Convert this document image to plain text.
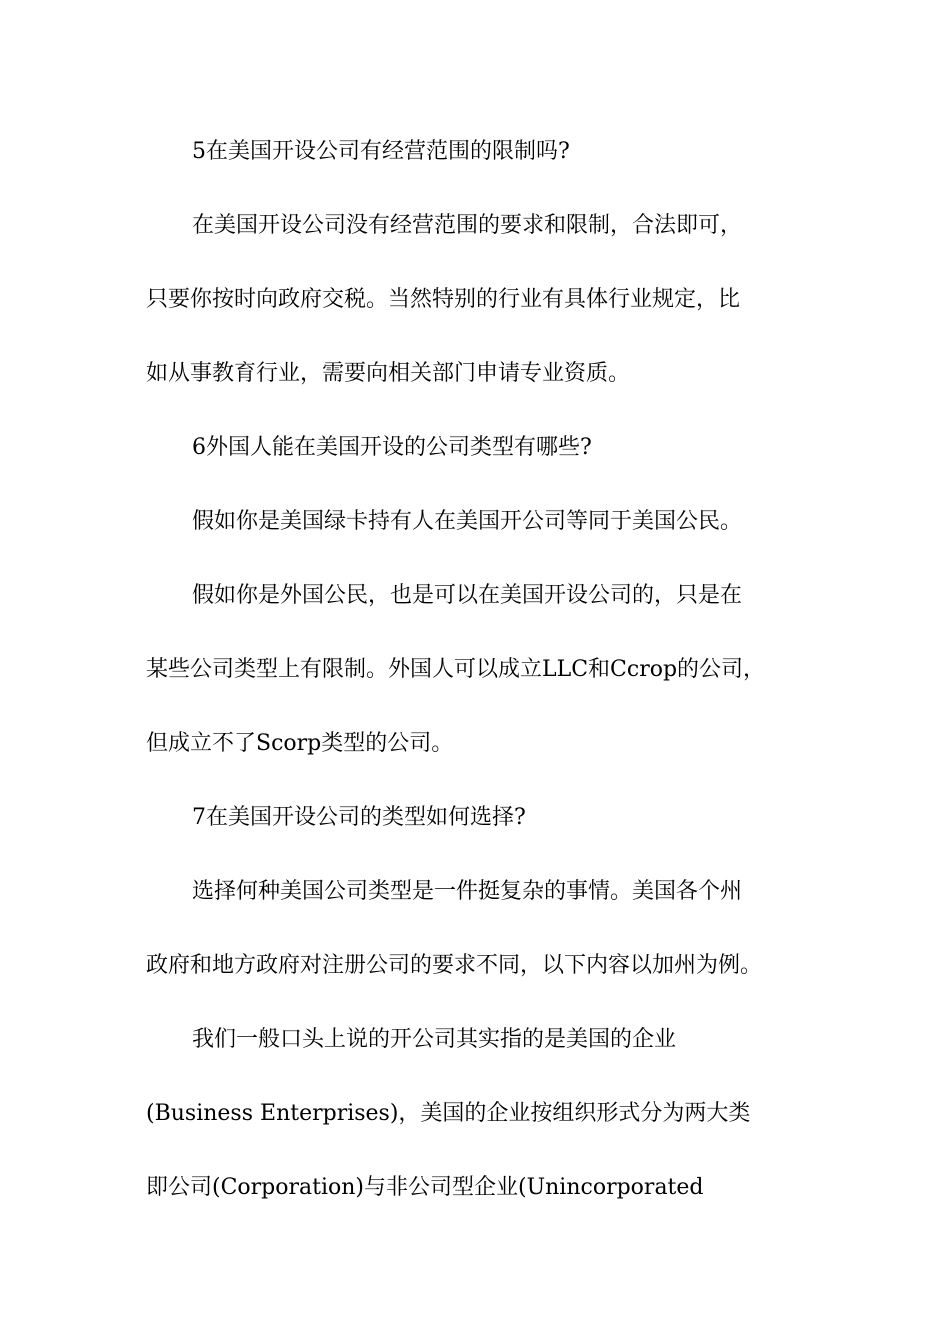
5在美国开设公司有经营范围的限制吗?
在美国开设公司没有经营范围的要求和限制，合法即可，
只要你按时向政府交税。当然特别的行业有具体行业规定，比
如从事教育行业，需要向相关部门申请专业资质。
6外国人能在美国开设的公司类型有哪些?
假如你是美国绿卡持有人在美国开公司等同于美国公民。
假如你是外国公民，也是可以在美国开设公司的，只是在
某些公司类型上有限制。外国人可以成立LLC和Ccrop的公司，
但成立不了Scorp类型的公司。
7在美国开设公司的类型如何选择?
选择何种美国公司类型是一件挺复杂的事情。美国各个州
政府和地方政府对注册公司的要求不同，以下内容以加州为例。
我们一般口头上说的开公司其实指的是美国的企业
(Business Enterprises)，美国的企业按组织形式分为两大类
即公司(Corporation)与非公司型企业(Unincorporated
